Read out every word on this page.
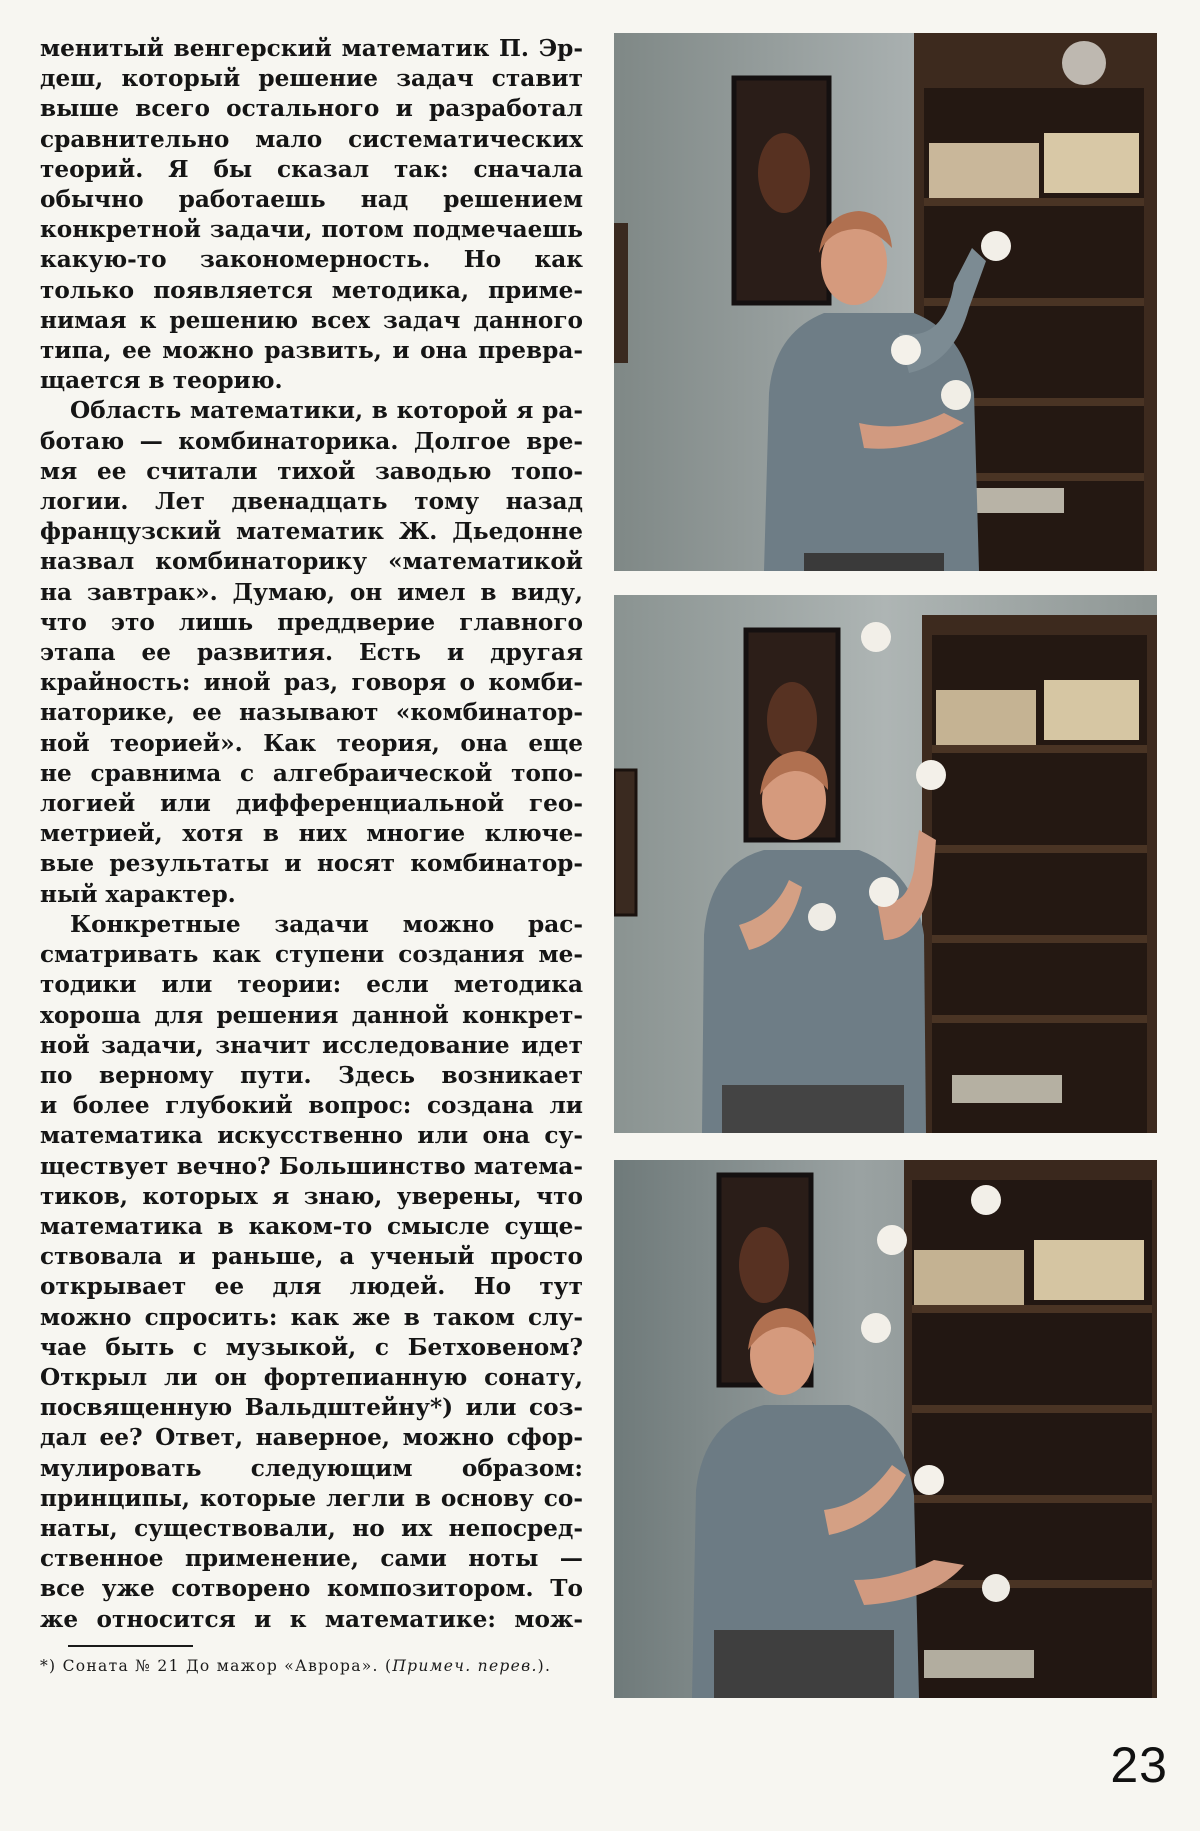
менитый венгерский математик П. Эр-

деш, который решение задач ставит

выше всего остального и разработал

сравнительно мало систематических

теорий. Я бы сказал так: сначала

обычно работаешь над решением

конкретной задачи, потом подмечаешь

какую-то закономерность. Но как

только появляется методика, приме-

нимая к решению всех задач данного

типа, ее можно развить, и она превра-

щается в теорию.

Область математики, в которой я ра-

ботаю — комбинаторика. Долгое вре-

мя ее считали тихой заводью топо-

логии. Лет двенадцать тому назад

французский математик Ж. Дьедонне

назвал комбинаторику «математикой

на завтрак». Думаю, он имел в виду,

что это лишь преддверие главного

этапа ее развития. Есть и другая

крайность: иной раз, говоря о комби-

наторике, ее называют «комбинатор-

ной теорией». Как теория, она еще

не сравнима с алгебраической топо-

логией или дифференциальной гео-

метрией, хотя в них многие ключе-

вые результаты и носят комбинатор-

ный характер.

Конкретные задачи можно рас-

сматривать как ступени создания ме-

тодики или теории: если методика

хороша для решения данной конкрет-

ной задачи, значит исследование идет

по верному пути. Здесь возникает

и более глубокий вопрос: создана ли

математика искусственно или она су-

ществует вечно? Большинство матема-

тиков, которых я знаю, уверены, что

математика в каком-то смысле суще-

ствовала и раньше, а ученый просто

открывает ее для людей. Но тут

можно спросить: как же в таком слу-

чае быть с музыкой, с Бетховеном?

Открыл ли он фортепианную сонату,

посвященную Вальдштейну*) или соз-

дал ее? Ответ, наверное, можно сфор-

мулировать следующим образом:

принципы, которые легли в основу со-

наты, существовали, но их непосред-

ственное применение, сами ноты —

все уже сотворено композитором. То

же относится и к математике: мож-

*) Соната № 21 До мажор «Аврора». (Примеч. перев.).
23
